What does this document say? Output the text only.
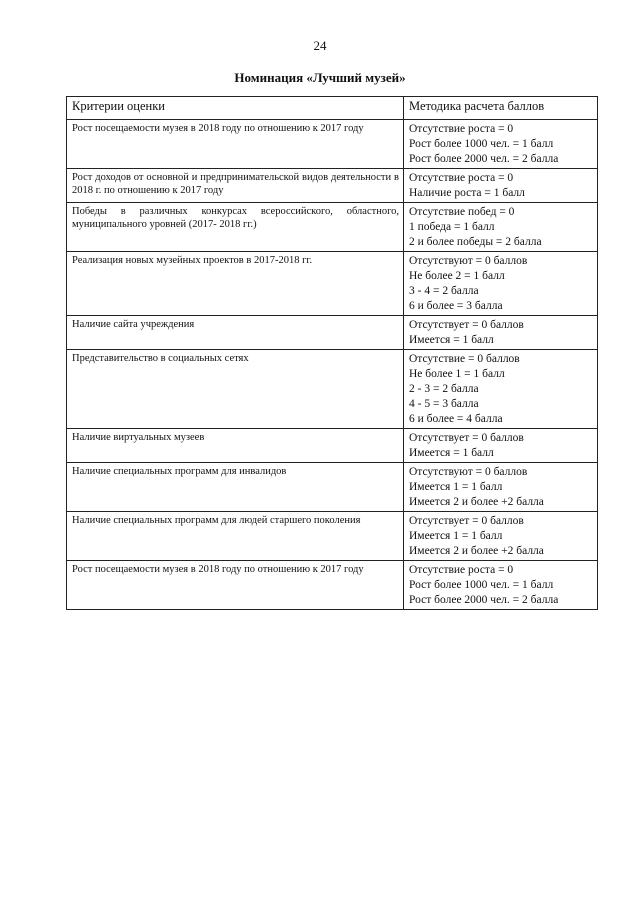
24
Номинация «Лучший музей»
Критерии оценки	Методика расчета баллов
Рост посещаемости музея в 2018 году по отношению к 2017 году	Отсутствие роста = 0
Рост более 1000 чел. = 1 балл
Рост более 2000 чел. = 2 балла

Рост доходов от основной и предпринимательской видов деятельности в 2018 г. по отношению к 2017 году	Отсутствие роста = 0
Наличие роста = 1 балл

Победы в различных конкурсах всероссийского, областного, муниципального уровней (2017- 2018 гг.)	Отсутствие побед = 0
1 победа = 1 балл
2 и более победы = 2 балла

Реализация новых музейных проектов в 2017-2018 гг.	Отсутствуют = 0 баллов
Не более 2 = 1 балл
3 - 4 = 2 балла
6 и более = 3 балла

Наличие сайта учреждения	Отсутствует = 0 баллов
Имеется = 1 балл

Представительство в социальных сетях	Отсутствие = 0 баллов
Не более 1 = 1 балл
2 - 3 = 2 балла
4 - 5 = 3 балла
6 и более = 4 балла

Наличие виртуальных музеев	Отсутствует = 0 баллов
Имеется = 1 балл

Наличие специальных программ для инвалидов	Отсутствуют = 0 баллов
Имеется 1 = 1 балл
Имеется 2 и более +2 балла

Наличие специальных программ для людей старшего поколения	Отсутствует = 0 баллов
Имеется 1 = 1 балл
Имеется 2 и более +2 балла

Рост посещаемости музея в 2018 году по отношению к 2017 году	Отсутствие роста = 0
Рост более 1000 чел. = 1 балл
Рост более 2000 чел. = 2 балла
